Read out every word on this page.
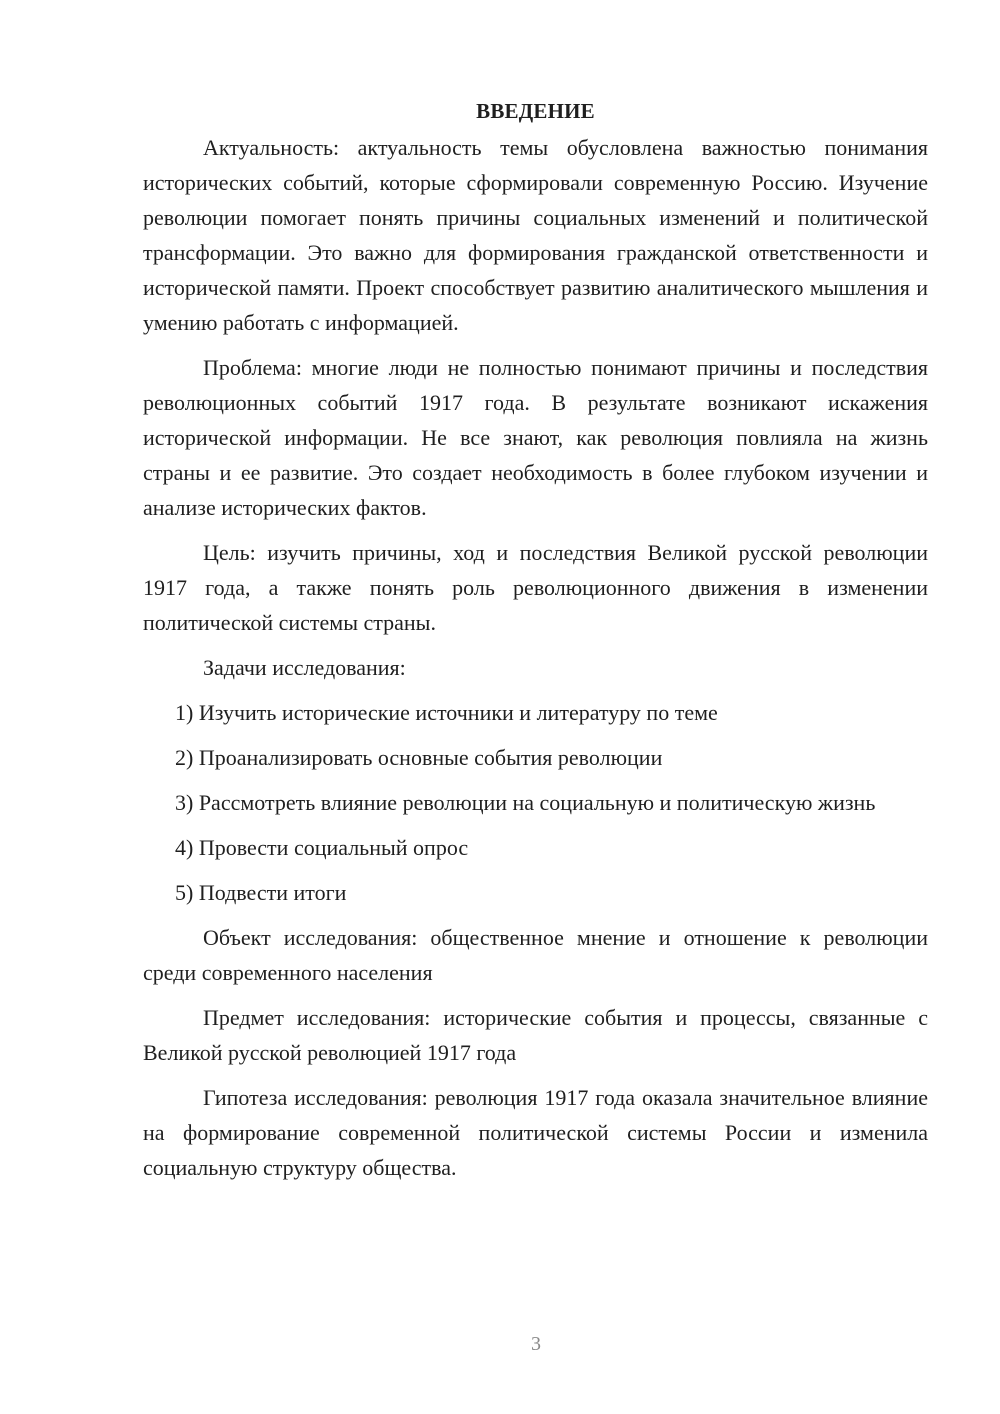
ВВЕДЕНИЕ

Актуальность: актуальность темы обусловлена важностью понимания исторических событий, которые сформировали современную Россию. Изучение революции помогает понять причины социальных изменений и политической трансформации. Это важно для формирования гражданской ответственности и исторической памяти. Проект способствует развитию аналитического мышления и умению работать с информацией.

Проблема: многие люди не полностью понимают причины и последствия революционных событий 1917 года. В результате возникают искажения исторической информации. Не все знают, как революция повлияла на жизнь страны и ее развитие. Это создает необходимость в более глубоком изучении и анализе исторических фактов.

Цель: изучить причины, ход и последствия Великой русской революции 1917 года, а также понять роль революционного движения в изменении политической системы страны.

Задачи исследования:

1) Изучить исторические источники и литературу по теме

2) Проанализировать основные события революции

3) Рассмотреть влияние революции на социальную и политическую жизнь

4) Провести социальный опрос

5) Подвести итоги

Объект исследования: общественное мнение и отношение к революции среди современного населения

Предмет исследования: исторические события и процессы, связанные с Великой русской революцией 1917 года

Гипотеза исследования: революция 1917 года оказала значительное влияние на формирование современной политической системы России и изменила социальную структуру общества.

3
